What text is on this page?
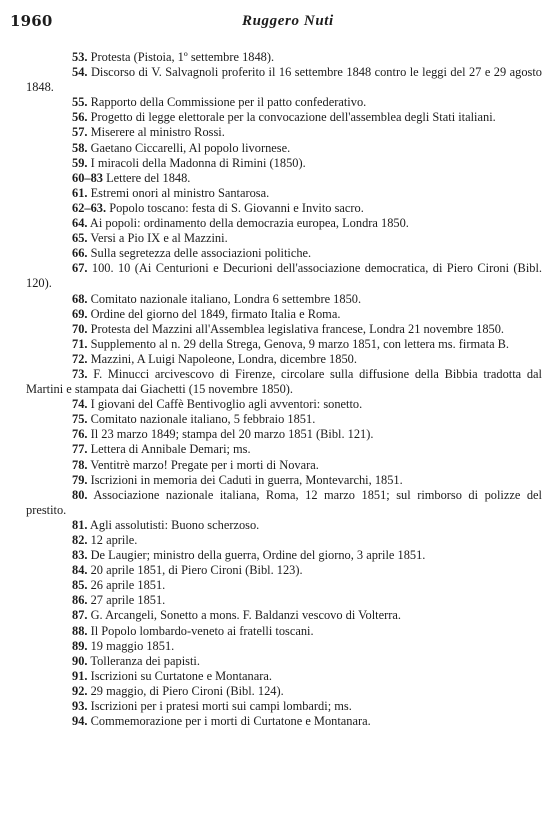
1960	Ruggero Nuti
53. Protesta (Pistoia, 1º settembre 1848).
54. Discorso di V. Salvagnoli proferito il 16 settembre 1848 contro le leggi del 27 e 29 agosto 1848.
55. Rapporto della Commissione per il patto confederativo.
56. Progetto di legge elettorale per la convocazione dell'assemblea degli Stati italiani.
57. Miserere al ministro Rossi.
58. Gaetano Ciccarelli, Al popolo livornese.
59. I miracoli della Madonna di Rimini (1850).
60–83 Lettere del 1848.
61. Estremi onori al ministro Santarosa.
62–63. Popolo toscano: festa di S. Giovanni e Invito sacro.
64. Ai popoli: ordinamento della democrazia europea, Londra 1850.
65. Versi a Pio IX e al Mazzini.
66. Sulla segretezza delle associazioni politiche.
67. 100. 10 (Ai Centurioni e Decurioni dell'associazione democratica, di Piero Cironi (Bibl. 120).
68. Comitato nazionale italiano, Londra 6 settembre 1850.
69. Ordine del giorno del 1849, firmato Italia e Roma.
70. Protesta del Mazzini all'Assemblea legislativa francese, Londra 21 novembre 1850.
71. Supplemento al n. 29 della Strega, Genova, 9 marzo 1851, con lettera ms. firmata B.
72. Mazzini, A Luigi Napoleone, Londra, dicembre 1850.
73. F. Minucci arcivescovo di Firenze, circolare sulla diffusione della Bibbia tradotta dal Martini e stampata dai Giachetti (15 novembre 1850).
74. I giovani del Caffè Bentivoglio agli avventori: sonetto.
75. Comitato nazionale italiano, 5 febbraio 1851.
76. Il 23 marzo 1849; stampa del 20 marzo 1851 (Bibl. 121).
77. Lettera di Annibale Demari; ms.
78. Ventitrè marzo! Pregate per i morti di Novara.
79. Iscrizioni in memoria dei Caduti in guerra, Montevarchi, 1851.
80. Associazione nazionale italiana, Roma, 12 marzo 1851; sul rimborso di polizze del prestito.
81. Agli assolutisti: Buono scherzoso.
82. 12 aprile.
83. De Laugier; ministro della guerra, Ordine del giorno, 3 aprile 1851.
84. 20 aprile 1851, di Piero Cironi (Bibl. 123).
85. 26 aprile 1851.
86. 27 aprile 1851.
87. G. Arcangeli, Sonetto a mons. F. Baldanzi vescovo di Volterra.
88. Il Popolo lombardo-veneto ai fratelli toscani.
89. 19 maggio 1851.
90. Tolleranza dei papisti.
91. Iscrizioni su Curtatone e Montanara.
92. 29 maggio, di Piero Cironi (Bibl. 124).
93. Iscrizioni per i pratesi morti sui campi lombardi; ms.
94. Commemorazione per i morti di Curtatone e Montanara.
